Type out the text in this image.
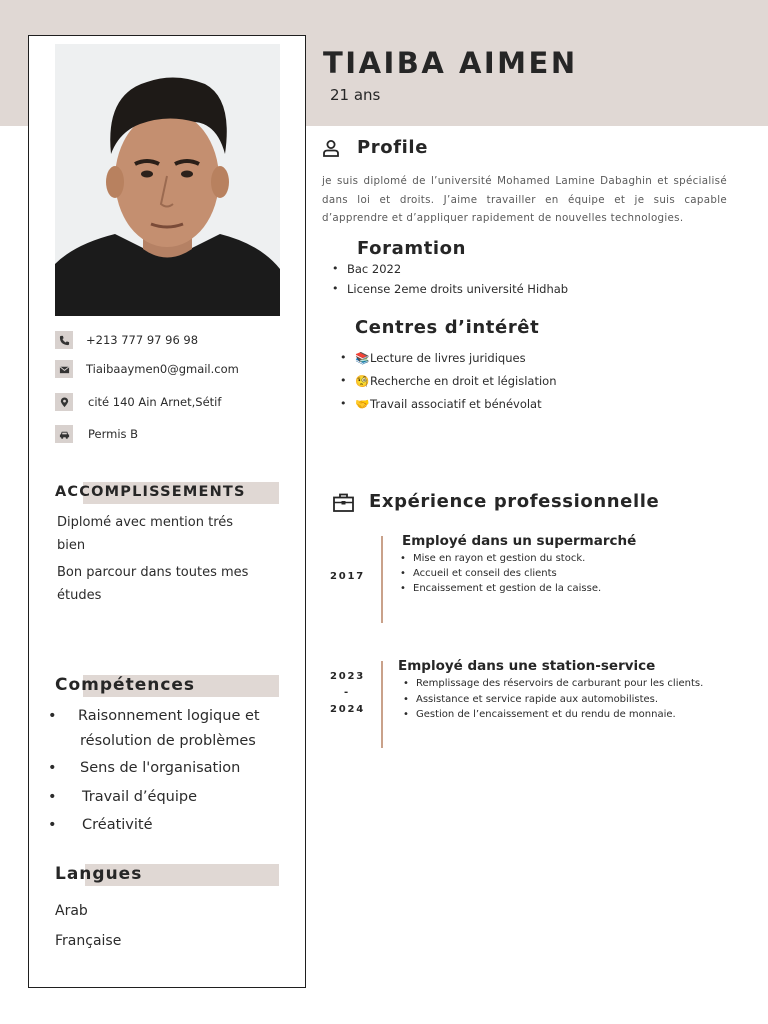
TIAIBA AIMEN
21 ans
+213 777 97 96 98
Tiaibaaymen0@gmail.com
cité 140 Ain Arnet,Sétif
Permis B
ACCOMPLISSEMENTS
Diplomé avec mention trés
bien
Bon parcour dans toutes mes
études
Compétences
• Raisonnement logique et
résolution de problèmes
• Sens de l'organisation
• Travail d’équipe
• Créativité
Langues
Arab
Française
Profile
je suis diplomé de l’université Mohamed Lamine Dabaghin et spécialisé dans loi et droits. J’aime travailler en équipe et je suis capable d’apprendre et d’appliquer rapidement de nouvelles technologies.
Foramtion
• Bac 2022
• License 2eme droits université Hidhab
Centres d’intérêt
• 📚 Lecture de livres juridiques
• 🧐 Recherche en droit et législation
• 🤝 Travail associatif et bénévolat
Expérience professionnelle
2017
Employé dans un supermarché
• Mise en rayon et gestion du stock.
• Accueil et conseil des clients
• Encaissement et gestion de la caisse.
2023
-
2024
Employé dans une station-service
• Remplissage des réservoirs de carburant pour les clients.
• Assistance et service rapide aux automobilistes.
• Gestion de l’encaissement et du rendu de monnaie.
